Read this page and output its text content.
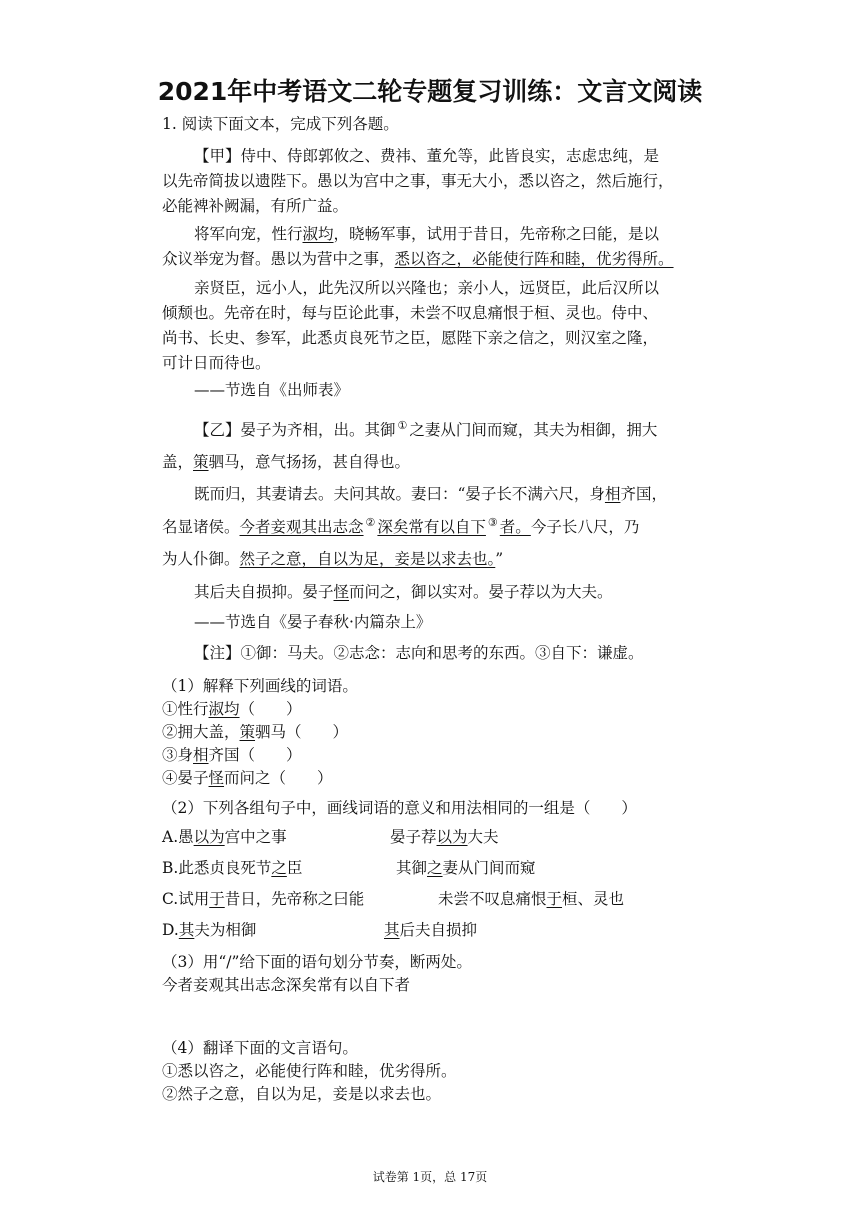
2021年中考语文二轮专题复习训练：文言文阅读
1. 阅读下面文本，完成下列各题。
【甲】侍中、侍郎郭攸之、费祎、董允等，此皆良实，志虑忠纯，是
以先帝简拔以遗陛下。愚以为宫中之事，事无大小，悉以咨之，然后施行，
必能裨补阙漏，有所广益。
将军向宠，性行淑均，晓畅军事，试用于昔日，先帝称之曰能，是以
众议举宠为督。愚以为营中之事，悉以咨之，必能使行阵和睦，优劣得所。
亲贤臣，远小人，此先汉所以兴隆也；亲小人，远贤臣，此后汉所以
倾颓也。先帝在时，每与臣论此事，未尝不叹息痛恨于桓、灵也。侍中、
尚书、长史、参军，此悉贞良死节之臣，愿陛下亲之信之，则汉室之隆，
可计日而待也。
——节选自《出师表》
【乙】晏子为齐相，出。其御 ① 之妻从门间而窥，其夫为相御，拥大
盖，策驷马，意气扬扬，甚自得也。
既而归，其妻请去。夫问其故。妻曰：“晏子长不满六尺，身相齐国，
名显诸侯。今者妾观其出志念 ② 深矣常有以自下 ③ 者。今子长八尺，乃
为人仆御。然子之意，自以为足，妾是以求去也。”
其后夫自损抑。晏子怪而问之，御以实对。晏子荐以为大夫。
——节选自《晏子春秋·内篇杂上》
【注】①御：马夫。②志念：志向和思考的东西。③自下：谦虚。
（1）解释下列画线的词语。
①性行淑均（　　）
②拥大盖，策驷马（　　）
③身相齐国（　　）
④晏子怪而问之（　　）
（2）下列各组句子中，画线词语的意义和用法相同的一组是（　　）
A.愚以为宫中之事	晏子荐以为大夫
B.此悉贞良死节之臣	其御之妻从门间而窥
C.试用于昔日，先帝称之曰能	未尝不叹息痛恨于桓、灵也
D.其夫为相御	其后夫自损抑
（3）用“/”给下面的语句划分节奏，断两处。
今者妾观其出志念深矣常有以自下者
（4）翻译下面的文言语句。
①悉以咨之，必能使行阵和睦，优劣得所。
②然子之意，自以为足，妾是以求去也。
试卷第 1页，总 17页
